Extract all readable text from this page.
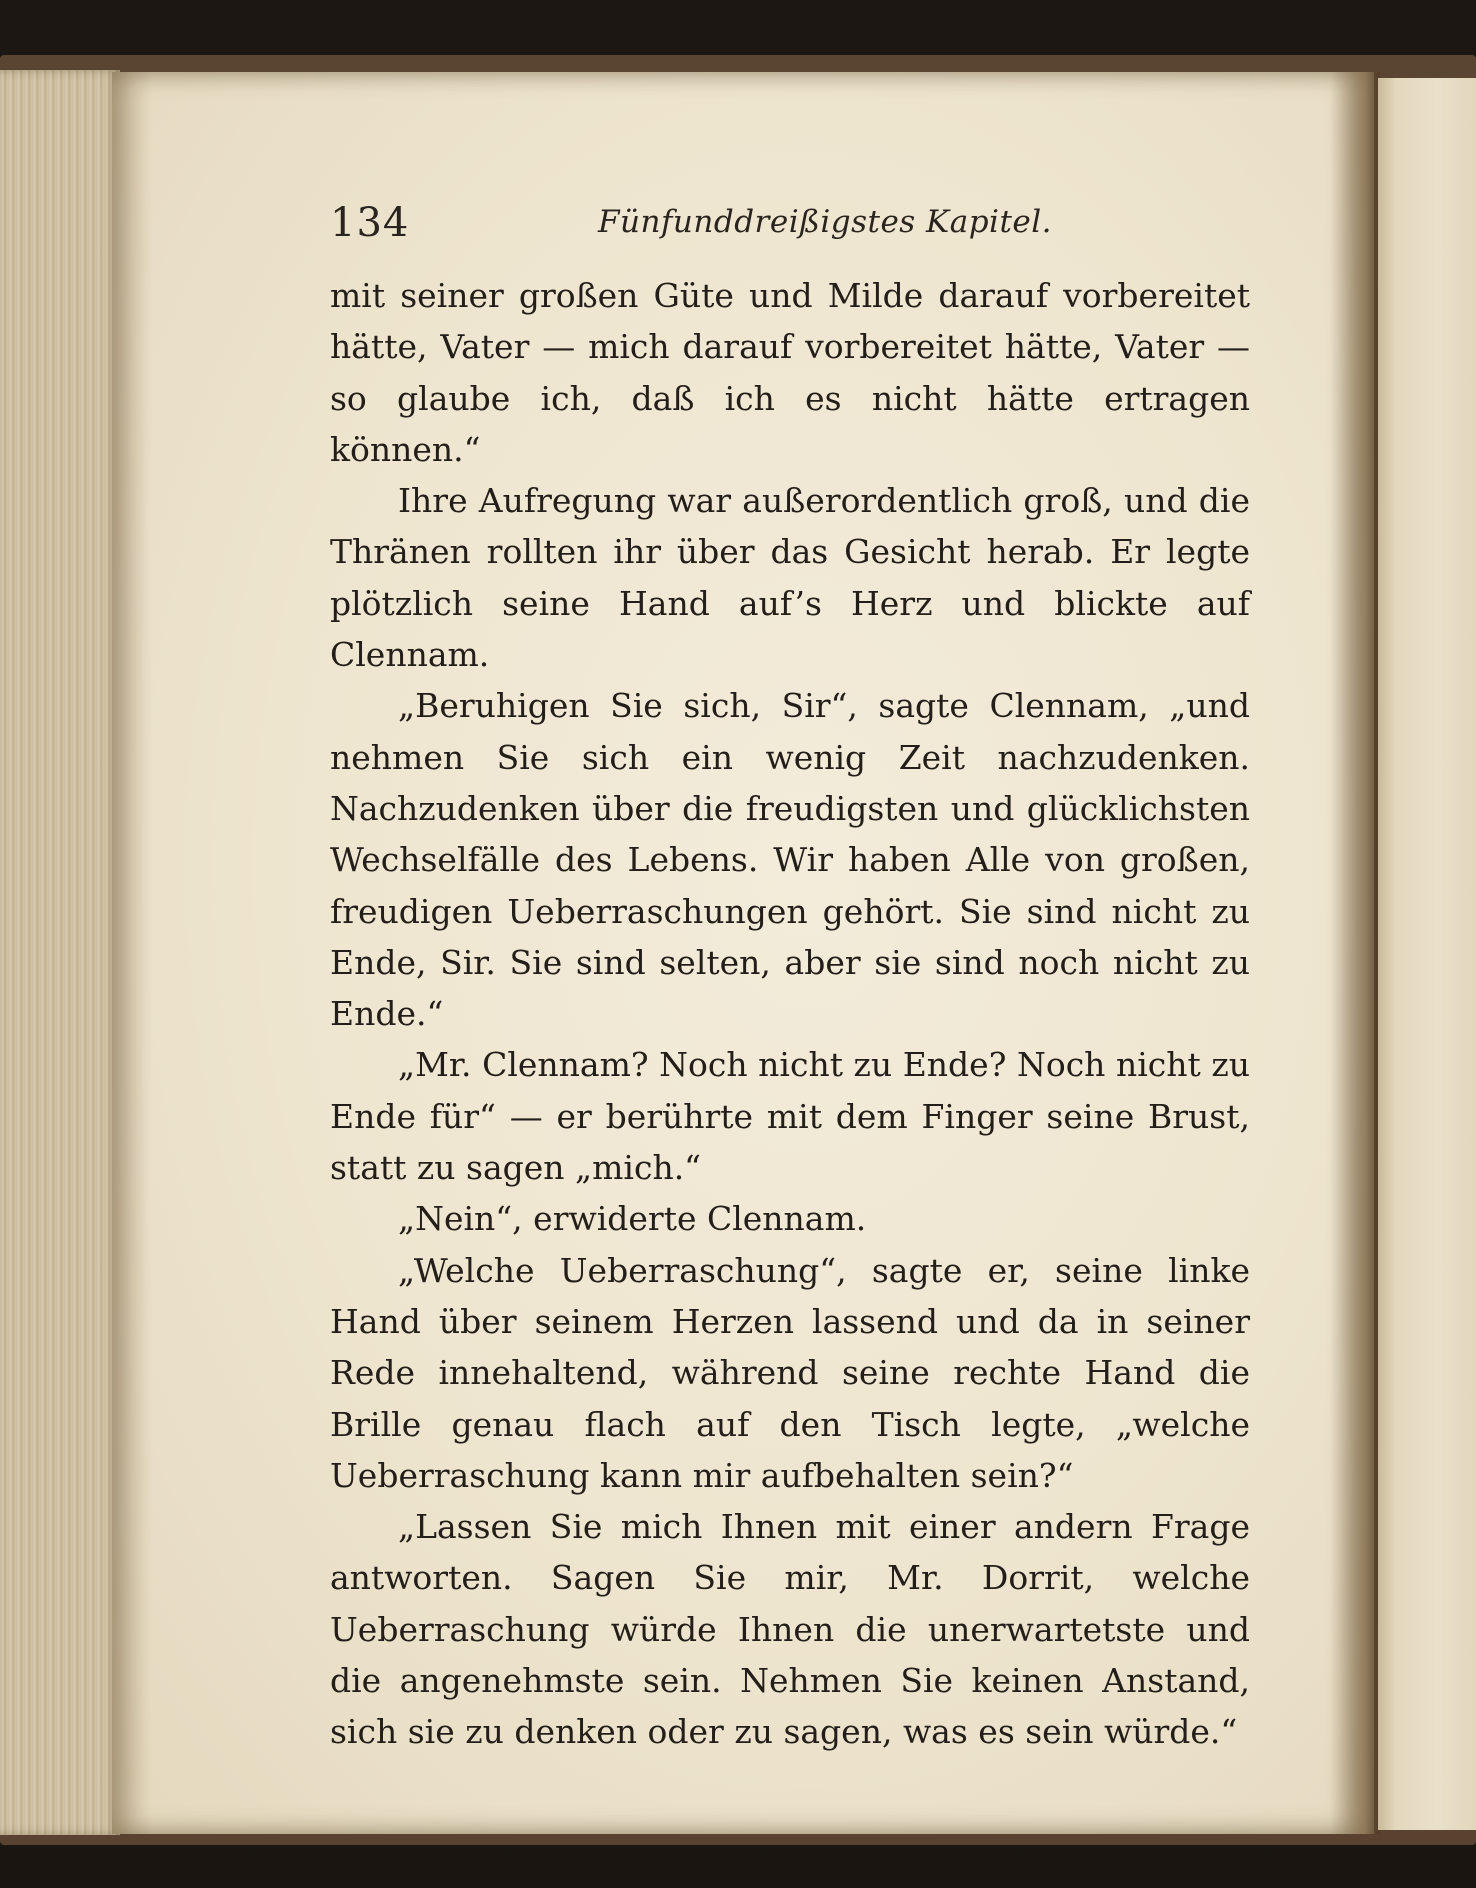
134	Fünfunddreißigstes Kapitel.

mit seiner großen Güte und Milde darauf vorbereitet hätte, Vater — mich darauf vorbereitet hätte, Vater — so glaube ich, daß ich es nicht hätte ertragen können.“

Ihre Aufregung war außerordentlich groß, und die Thränen rollten ihr über das Gesicht herab. Er legte plötzlich seine Hand auf’s Herz und blickte auf Clennam.

„Beruhigen Sie sich, Sir“, sagte Clennam, „und nehmen Sie sich ein wenig Zeit nachzudenken. Nachzudenken über die freudigsten und glücklichsten Wechselfälle des Lebens. Wir haben Alle von großen, freudigen Ueberraschungen gehört. Sie sind nicht zu Ende, Sir. Sie sind selten, aber sie sind noch nicht zu Ende.“

„Mr. Clennam? Noch nicht zu Ende? Noch nicht zu Ende für“ — er berührte mit dem Finger seine Brust, statt zu sagen „mich.“

„Nein“, erwiderte Clennam.

„Welche Ueberraschung“, sagte er, seine linke Hand über seinem Herzen lassend und da in seiner Rede innehaltend, während seine rechte Hand die Brille genau flach auf den Tisch legte, „welche Ueberraschung kann mir aufbehalten sein?“

„Lassen Sie mich Ihnen mit einer andern Frage antworten. Sagen Sie mir, Mr. Dorrit, welche Ueberraschung würde Ihnen die unerwartetste und die angenehmste sein. Nehmen Sie keinen Anstand, sich sie zu denken oder zu sagen, was es sein würde.“
